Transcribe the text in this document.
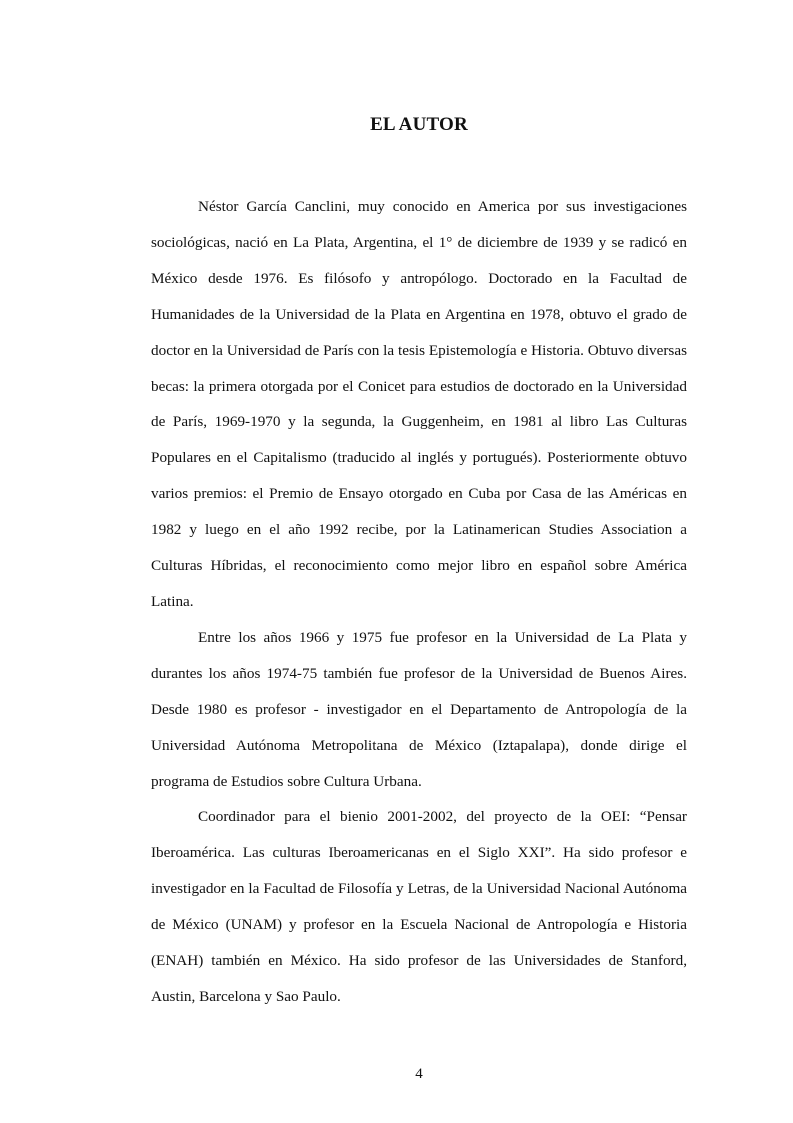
EL AUTOR

Néstor García Canclini, muy conocido en America por sus investigaciones sociológicas, nació en La Plata, Argentina, el 1° de diciembre de 1939 y se radicó en México desde 1976. Es filósofo y antropólogo. Doctorado en la Facultad de Humanidades de la Universidad de la Plata en Argentina en 1978, obtuvo el grado de doctor en la Universidad de París con la tesis Epistemología e Historia. Obtuvo diversas becas: la primera otorgada por el Conicet para estudios de doctorado en la Universidad de París, 1969-1970 y la segunda, la Guggenheim, en 1981 al libro Las Culturas Populares en el Capitalismo (traducido al inglés y portugués). Posteriormente obtuvo varios premios: el Premio de Ensayo otorgado en Cuba por Casa de las Américas en 1982 y luego en el año 1992 recibe, por la Latinamerican Studies Association a Culturas Híbridas, el reconocimiento como mejor libro en español sobre América Latina.

Entre los años 1966 y 1975 fue profesor en la Universidad de La Plata y durantes los años 1974-75 también fue profesor de la Universidad de Buenos Aires. Desde 1980 es profesor - investigador en el Departamento de Antropología de la Universidad Autónoma Metropolitana de México (Iztapalapa), donde dirige el programa de Estudios sobre Cultura Urbana.

Coordinador para el bienio 2001-2002, del proyecto de la OEI: “Pensar Iberoamérica. Las culturas Iberoamericanas en el Siglo XXI”. Ha sido profesor e investigador en la Facultad de Filosofía y Letras, de la Universidad Nacional Autónoma de México (UNAM) y profesor en la Escuela Nacional de Antropología e Historia (ENAH) también en México. Ha sido profesor de las Universidades de Stanford, Austin, Barcelona y Sao Paulo.

4
